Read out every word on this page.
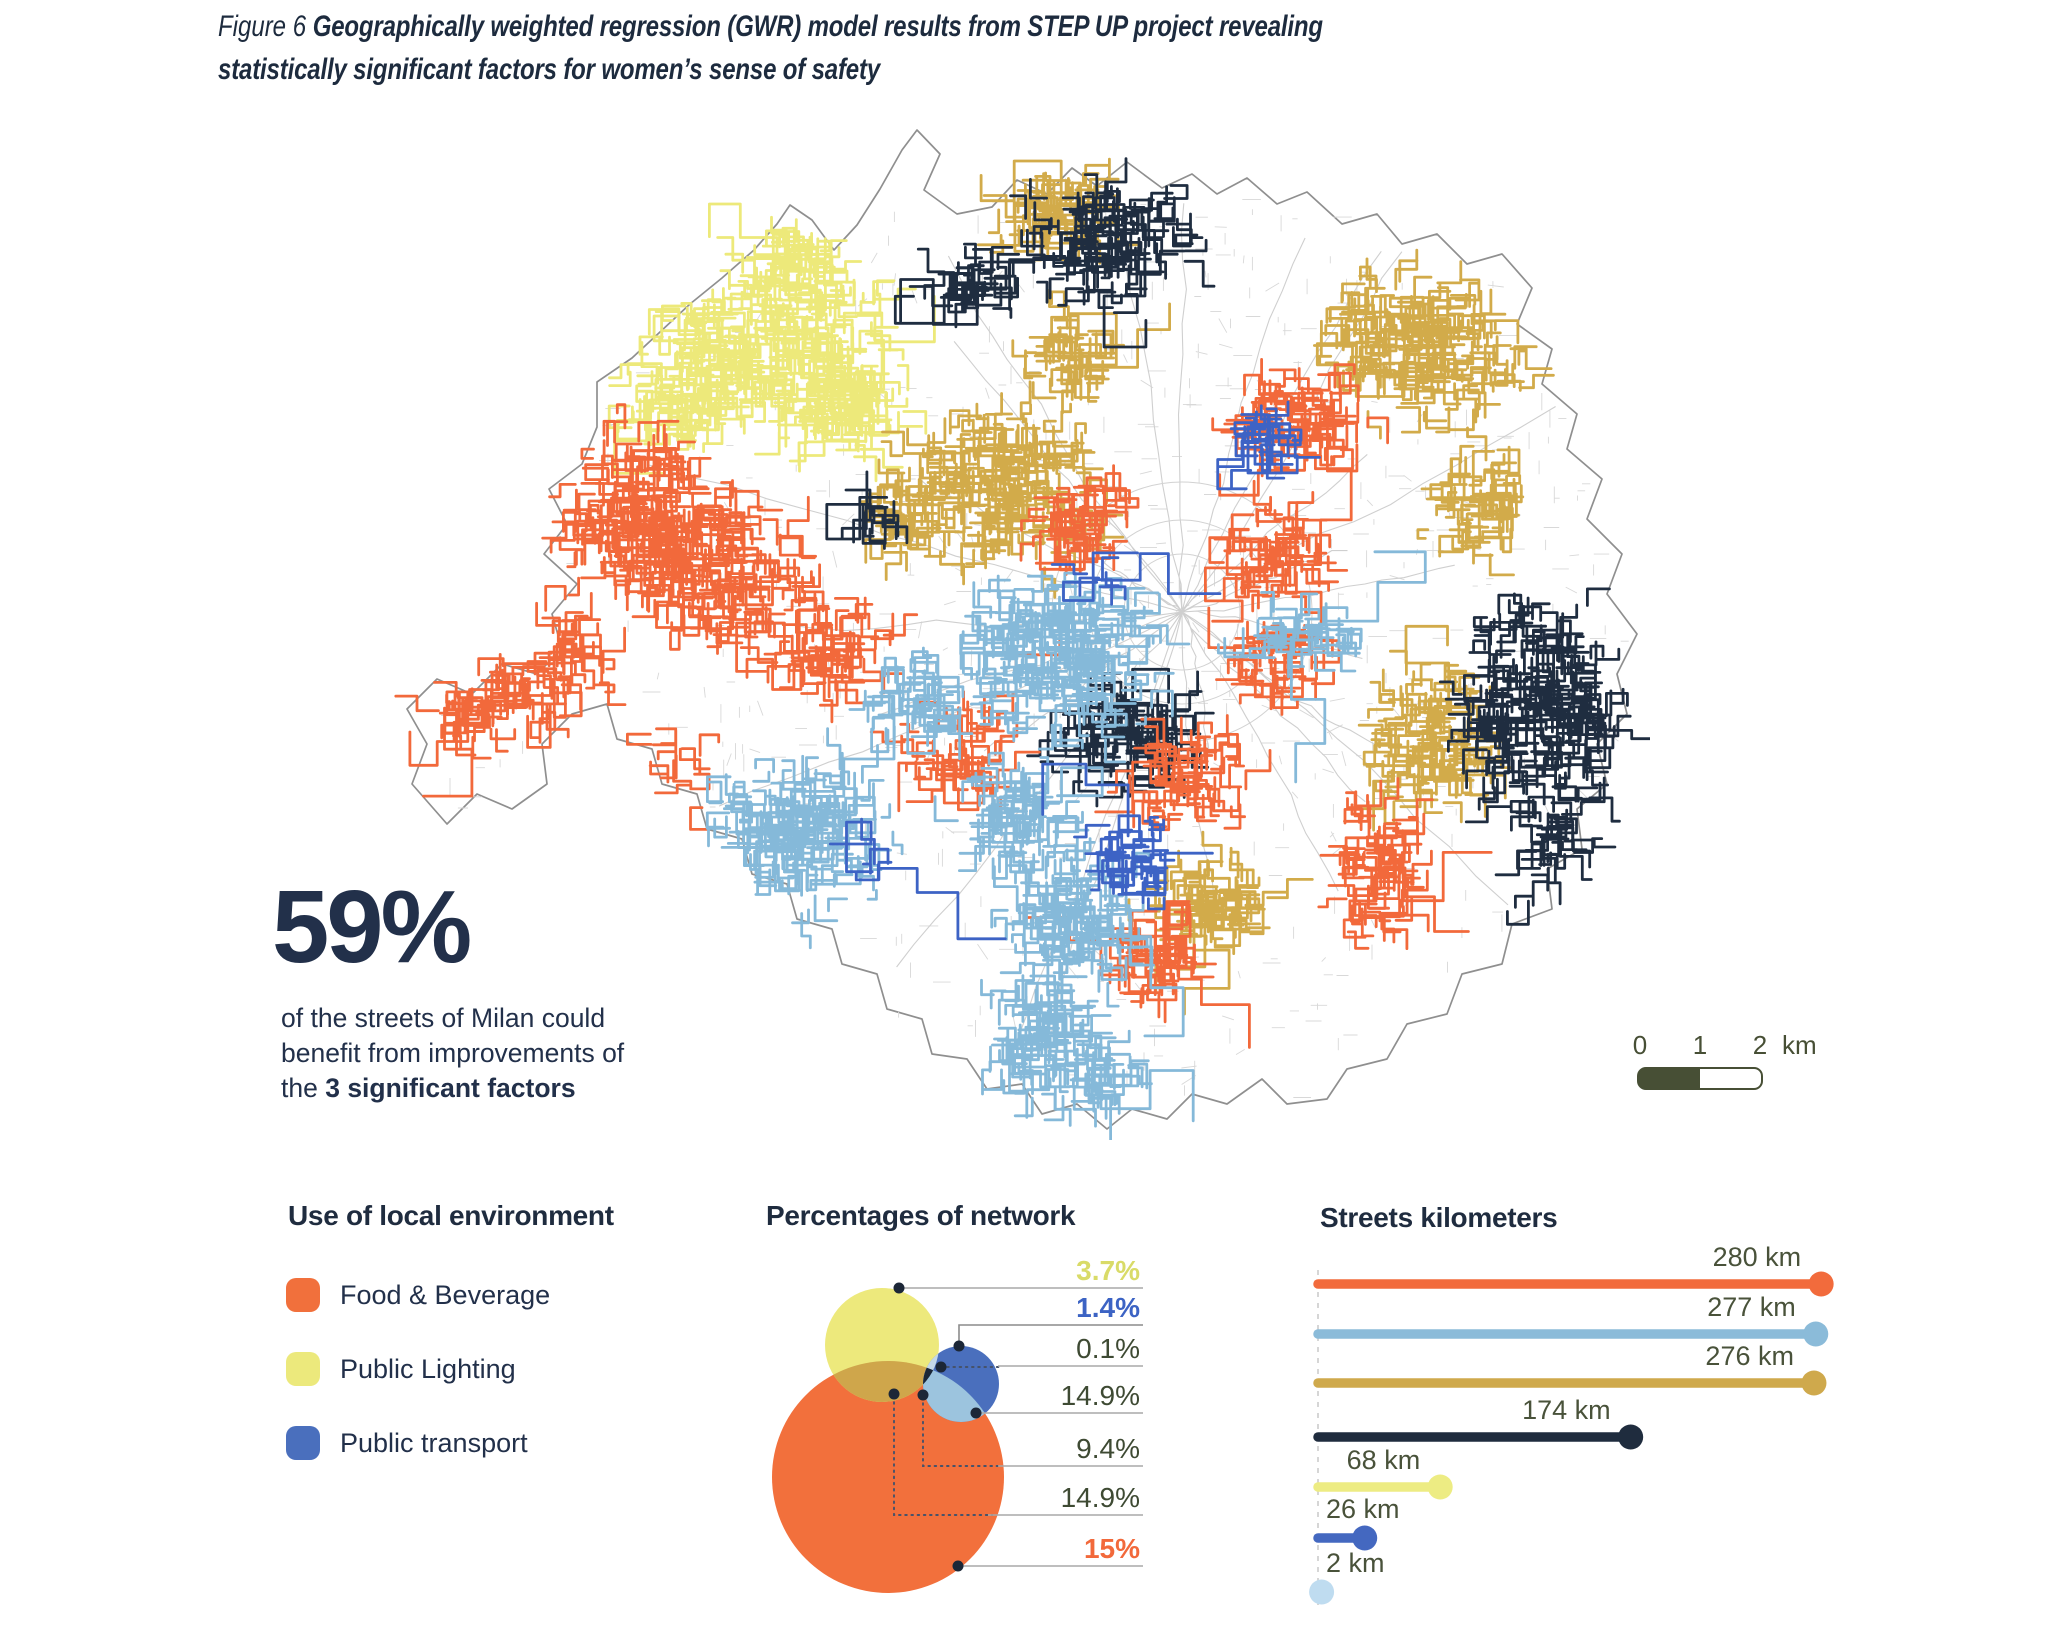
Figure 6 Geographically weighted regression (GWR) model results from STEP UP project revealing
statistically significant factors for women’s sense of safety
59%

of the streets of Milan could benefit from improvements of the 3 significant factors

0 1 2 km
Use of local environment
Food & Beverage
Public Lighting
Public transport
Percentages of network
3.7%
1.4%
0.1%
14.9%
9.4%
14.9%
15%
Streets kilometers
280 km
277 km
276 km
174 km
68 km
26 km
2 km
